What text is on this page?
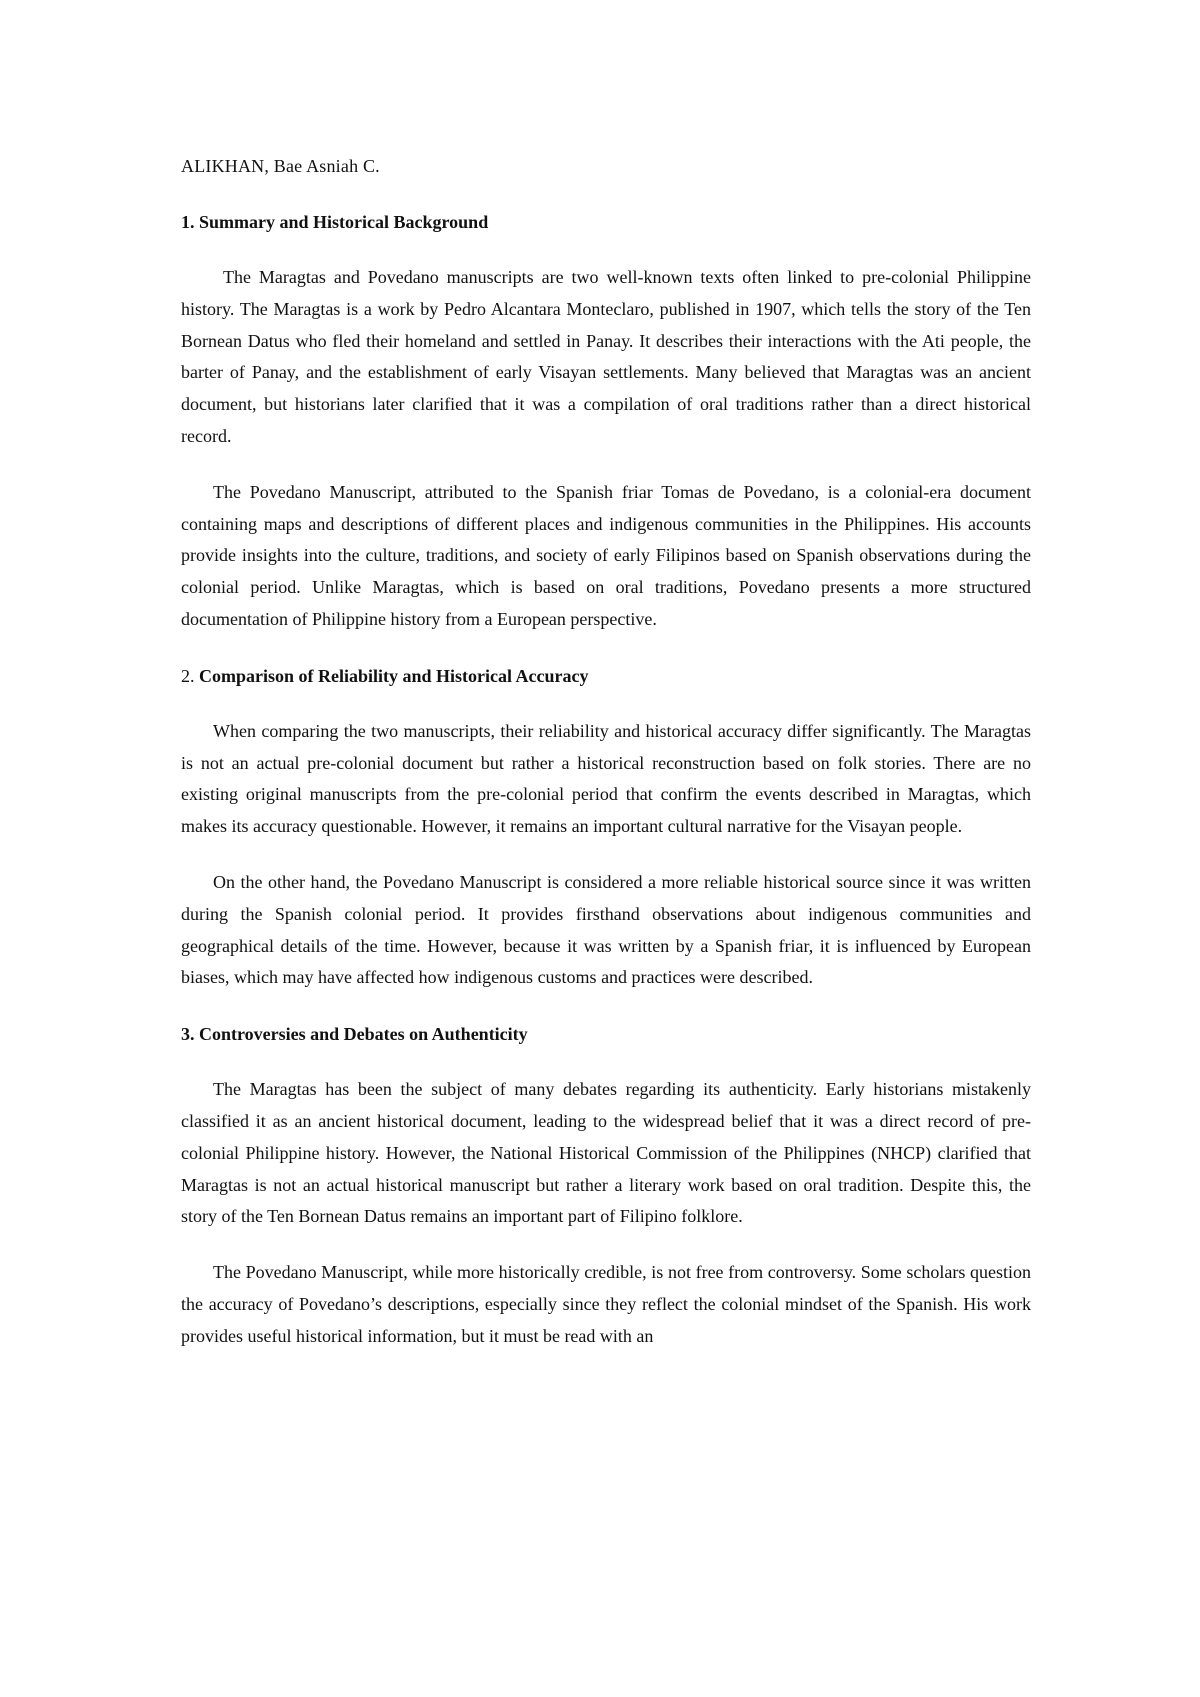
ALIKHAN, Bae Asniah C.

1. Summary and Historical Background

The Maragtas and Povedano manuscripts are two well-known texts often linked to pre-colonial Philippine history. The Maragtas is a work by Pedro Alcantara Monteclaro, published in 1907, which tells the story of the Ten Bornean Datus who fled their homeland and settled in Panay. It describes their interactions with the Ati people, the barter of Panay, and the establishment of early Visayan settlements. Many believed that Maragtas was an ancient document, but historians later clarified that it was a compilation of oral traditions rather than a direct historical record.

The Povedano Manuscript, attributed to the Spanish friar Tomas de Povedano, is a colonial-era document containing maps and descriptions of different places and indigenous communities in the Philippines. His accounts provide insights into the culture, traditions, and society of early Filipinos based on Spanish observations during the colonial period. Unlike Maragtas, which is based on oral traditions, Povedano presents a more structured documentation of Philippine history from a European perspective.

2. Comparison of Reliability and Historical Accuracy

When comparing the two manuscripts, their reliability and historical accuracy differ significantly. The Maragtas is not an actual pre-colonial document but rather a historical reconstruction based on folk stories. There are no existing original manuscripts from the pre-colonial period that confirm the events described in Maragtas, which makes its accuracy questionable. However, it remains an important cultural narrative for the Visayan people.

On the other hand, the Povedano Manuscript is considered a more reliable historical source since it was written during the Spanish colonial period. It provides firsthand observations about indigenous communities and geographical details of the time. However, because it was written by a Spanish friar, it is influenced by European biases, which may have affected how indigenous customs and practices were described.

3. Controversies and Debates on Authenticity

The Maragtas has been the subject of many debates regarding its authenticity. Early historians mistakenly classified it as an ancient historical document, leading to the widespread belief that it was a direct record of pre-colonial Philippine history. However, the National Historical Commission of the Philippines (NHCP) clarified that Maragtas is not an actual historical manuscript but rather a literary work based on oral tradition. Despite this, the story of the Ten Bornean Datus remains an important part of Filipino folklore.

The Povedano Manuscript, while more historically credible, is not free from controversy. Some scholars question the accuracy of Povedano’s descriptions, especially since they reflect the colonial mindset of the Spanish. His work provides useful historical information, but it must be read with an
